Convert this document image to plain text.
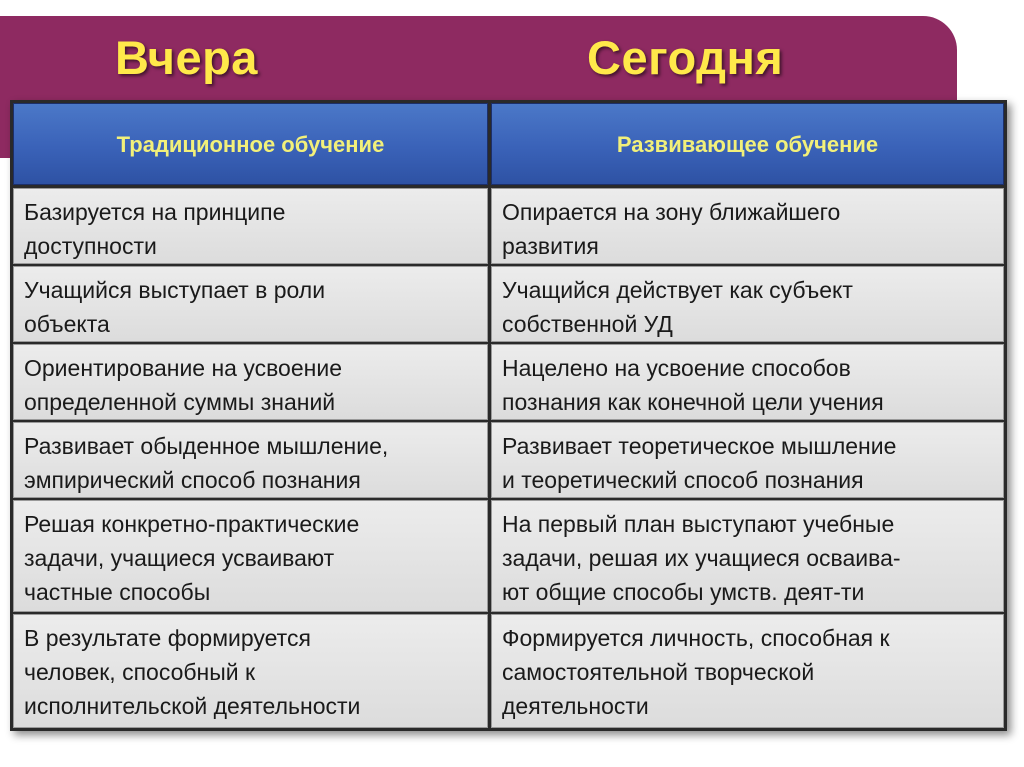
Вчера	Сегодня
Традиционное обучение	Развивающее обучение
Базируется на принципе
доступности
Опирается на зону ближайшего
развития
Учащийся выступает в роли
объекта
Учащийся действует как субъект
собственной УД
Ориентирование на усвоение
определенной суммы знаний
Нацелено на усвоение способов
познания как конечной цели учения
Развивает обыденное мышление,
эмпирический способ познания
Развивает теоретическое мышление
и теоретический способ познания
Решая конкретно-практические
задачи, учащиеся усваивают
частные способы
На первый план выступают учебные
задачи, решая их учащиеся осваива-
ют общие способы умств. деят-ти
В результате формируется
человек, способный к
исполнительской деятельности
Формируется личность, способная к
самостоятельной творческой
деятельности
